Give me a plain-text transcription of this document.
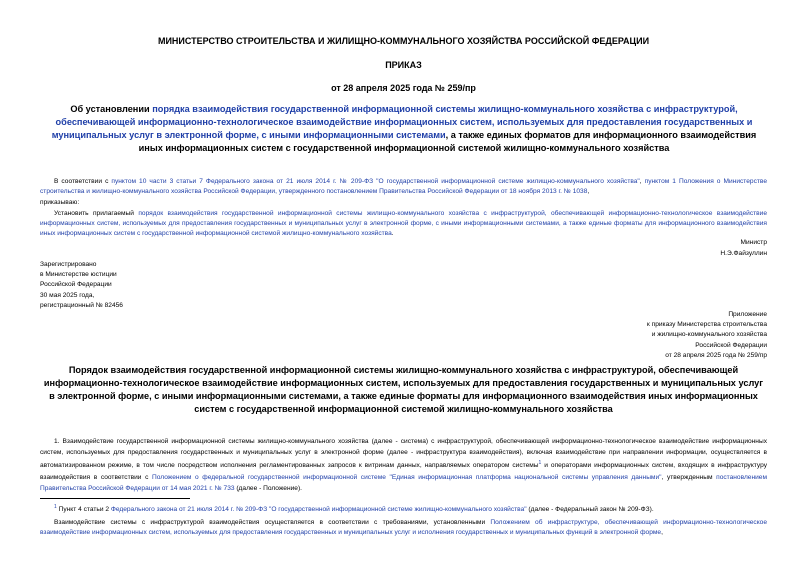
МИНИСТЕРСТВО СТРОИТЕЛЬСТВА И ЖИЛИЩНО-КОММУНАЛЬНОГО ХОЗЯЙСТВА РОССИЙСКОЙ ФЕДЕРАЦИИ
ПРИКАЗ
от 28 апреля 2025 года № 259/пр
Об установлении порядка взаимодействия государственной информационной системы жилищно-коммунального хозяйства с инфраструктурой, обеспечивающей информационно-технологическое взаимодействие информационных систем, используемых для предоставления государственных и муниципальных услуг в электронной форме, с иными информационными системами, а также единых форматов для информационного взаимодействия иных информационных систем с государственной информационной системой жилищно-коммунального хозяйства
В соответствии с пунктом 10 части 3 статьи 7 Федерального закона от 21 июля 2014 г. № 209-ФЗ "О государственной информационной системе жилищно-коммунального хозяйства", пунктом 1 Положения о Министерстве строительства и жилищно-коммунального хозяйства Российской Федерации, утвержденного постановлением Правительства Российской Федерации от 18 ноября 2013 г. № 1038,
приказываю:
Установить прилагаемый порядок взаимодействия государственной информационной системы жилищно-коммунального хозяйства с инфраструктурой, обеспечивающей информационно-технологическое взаимодействие информационных систем, используемых для предоставления государственных и муниципальных услуг в электронной форме, с иными информационными системами, а также единые форматы для информационного взаимодействия иных информационных систем с государственной информационной системой жилищно-коммунального хозяйства.
Министр
Н.Э.Файзуллин
Зарегистрировано
в Министерстве юстиции
Российской Федерации
30 мая 2025 года,
регистрационный № 82456
Приложение
к приказу Министерства строительства
и жилищно-коммунального хозяйства
Российской Федерации
от 28 апреля 2025 года № 259/пр
Порядок взаимодействия государственной информационной системы жилищно-коммунального хозяйства с инфраструктурой, обеспечивающей информационно-технологическое взаимодействие информационных систем, используемых для предоставления государственных и муниципальных услуг в электронной форме, с иными информационными системами, а также единые форматы для информационного взаимодействия иных информационных систем с государственной информационной системой жилищно-коммунального хозяйства
1. Взаимодействие государственной информационной системы жилищно-коммунального хозяйства (далее - система) с инфраструктурой, обеспечивающей информационно-технологическое взаимодействие информационных систем, используемых для предоставления государственных и муниципальных услуг в электронной форме (далее - инфраструктура взаимодействия), включая взаимодействие при направлении информации, осуществляется в автоматизированном режиме, в том числе посредством исполнения регламентированных запросов к витринам данных, направляемых оператором системы$^1$ и операторами информационных систем, входящих в инфраструктуру взаимодействия в соответствии с Положением о федеральной государственной информационной системе "Единая информационная платформа национальной системы управления данными", утвержденным постановлением Правительства Российской Федерации от 14 мая 2021 г. № 733 (далее - Положение).
$^1$ Пункт 4 статьи 2 Федерального закона от 21 июля 2014 г. № 209-ФЗ "О государственной информационной системе жилищно-коммунального хозяйства" (далее - Федеральный закон № 209-ФЗ).
Взаимодействие системы с инфраструктурой взаимодействия осуществляется в соответствии с требованиями, установленными Положением об инфраструктуре, обеспечивающей информационно-технологическое взаимодействие информационных систем, используемых для предоставления государственных и муниципальных услуг и исполнения государственных и муниципальных функций в электронной форме,
